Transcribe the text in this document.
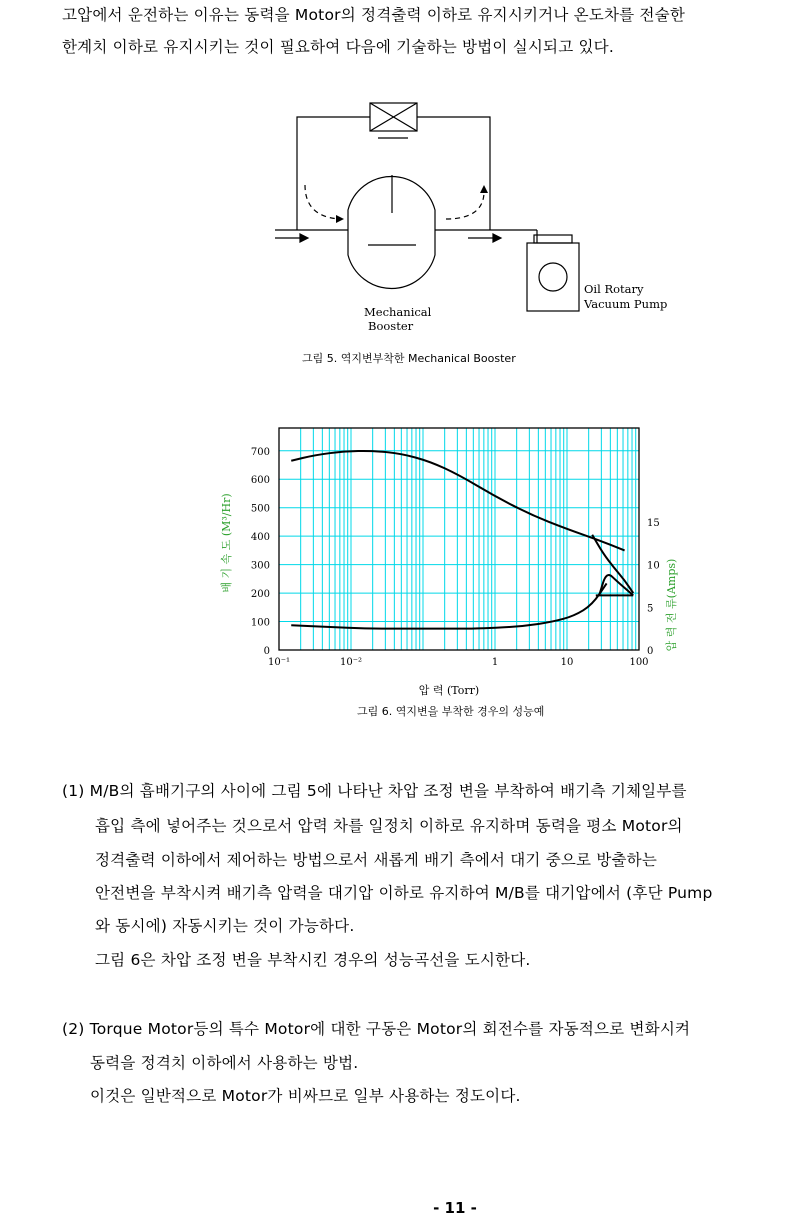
고압에서 운전하는 이유는 동력을 Motor의 정격출력 이하로 유지시키거나 온도차를 전술한
한계치 이하로 유지시키는 것이 필요하여 다음에 기술하는 방법이 실시되고 있다.
Mechanical
Booster
Oil Rotary
Vacuum Pump
그림 5. 역지변부착한 Mechanical Booster
10⁻¹	10⁻²	1	10	100
0
100
200
300
400
500
600
700
0
5
10
15
배 기 속 도 (M³/Hr)
압 력 전 류(Amps)
압 력 (Torr)
그림 6. 역지변을 부착한 경우의 성능예
(1) M/B의 흡배기구의 사이에 그림 5에 나타난 차압 조정 변을 부착하여 배기측 기체일부를
흡입 측에 넣어주는 것으로서 압력 차를 일정치 이하로 유지하며 동력을 평소 Motor의
정격출력 이하에서 제어하는 방법으로서 새롭게 배기 측에서 대기 중으로 방출하는
안전변을 부착시켜 배기측 압력을 대기압 이하로 유지하여 M/B를 대기압에서 (후단 Pump
와 동시에) 자동시키는 것이 가능하다.
그림 6은 차압 조정 변을 부착시킨 경우의 성능곡선을 도시한다.
(2) Torque Motor등의 특수 Motor에 대한 구동은 Motor의 회전수를 자동적으로 변화시켜
동력을 정격치 이하에서 사용하는 방법.
이것은 일반적으로 Motor가 비싸므로 일부 사용하는 정도이다.
- 11 -
